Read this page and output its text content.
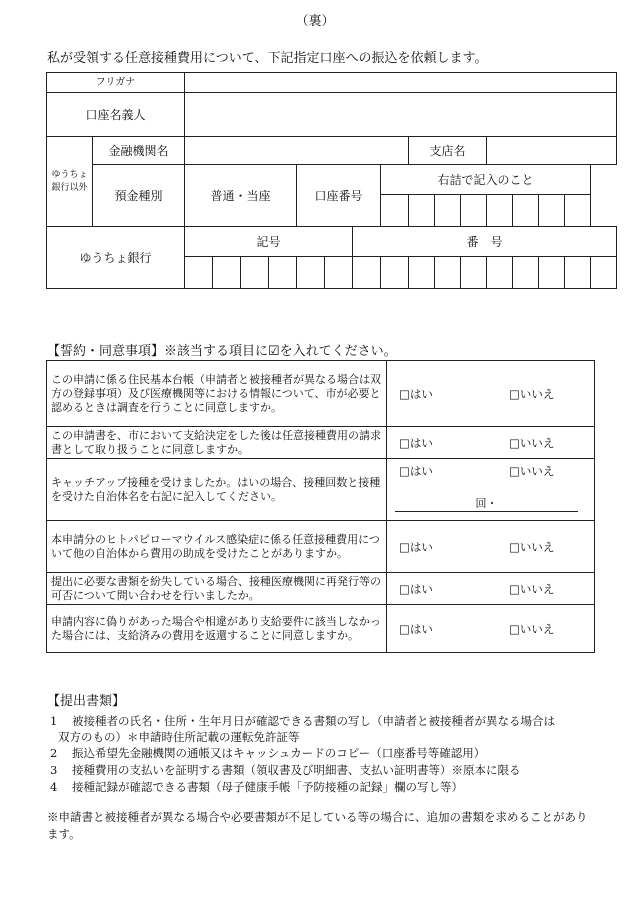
（裏）
私が受領する任意接種費用について、下記指定口座への振込を依頼します。
フリガナ																	
口座名義人																	

ゆうちょ
銀行以外	金融機関名									支店名							
	預金種別	普通・当座				口座番号			右詰で記入のこと								

ゆうちょ銀行		記号						番　号									

【誓約・同意事項】※該当する項目に☑を入れてください。
この申請に係る住民基本台帳（申請者と被接種者が異なる場合は双方の登録事項）及び医療機関等における情報について、市が必要と認めるときは調査を行うことに同意しますか。	□はい □いいえ

この申請書を、市において支給決定をした後は任意接種費用の請求書として取り扱うことに同意しますか。	□はい □いいえ

キャッチアップ接種を受けましたか。はいの場合、接種回数と接種を受けた自治体名を右記に記入してください。	□はい □いいえ
回・

本申請分のヒトパピローマウイルス感染症に係る任意接種費用について他の自治体から費用の助成を受けたことがありますか。	□はい □いいえ

提出に必要な書類を紛失している場合、接種医療機関に再発行等の可否について問い合わせを行いましたか。	□はい □いいえ

申請内容に偽りがあった場合や相違があり支給要件に該当しなかった場合には、支給済みの費用を返還することに同意しますか。	□はい □いいえ
【提出書類】
1 被接種者の氏名・住所・生年月日が確認できる書類の写し（申請者と被接種者が異なる場合は
双方のもの）＊申請時住所記載の運転免許証等
2 振込希望先金融機関の通帳又はキャッシュカードのコピー（口座番号等確認用）
3 接種費用の支払いを証明する書類（領収書及び明細書、支払い証明書等）※原本に限る
4 接種記録が確認できる書類（母子健康手帳「予防接種の記録」欄の写し等）
※申請書と被接種者が異なる場合や必要書類が不足している等の場合に、追加の書類を求めることがあります。
